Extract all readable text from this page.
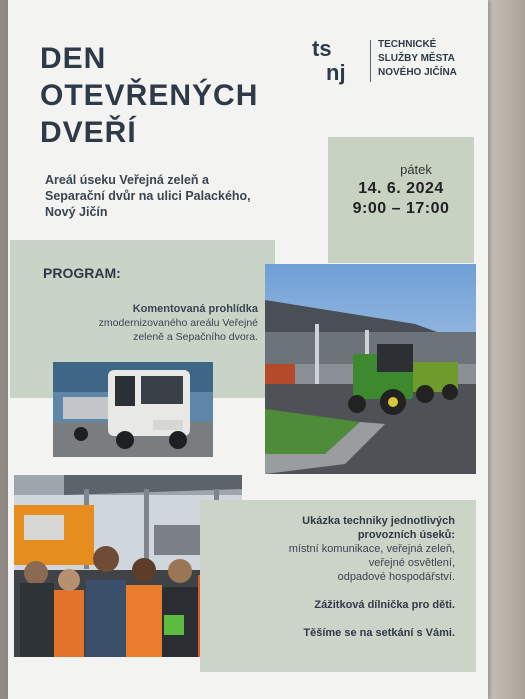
DEN
OTEVŘENÝCH
DVEŘÍ
Areál úseku Veřejná zeleň a
Separační dvůr na ulici Palackého,
Nový Jičín
ts
nj
TECHNICKÉ
SLUŽBY MĚSTA
NOVÉHO JIČÍNA
pátek
14. 6. 2024
9:00 – 17:00
PROGRAM:
Komentovaná prohlídka
zmodernizovaného areálu Veřejné
zeleně a Sepačního dvora.
Ukázka techniky jednotlivých
provozních úseků:
místní komunikace, veřejná zeleň,
veřejné osvětlení,
odpadové hospodářství.
Zážitková dílnička pro děti.
Těšíme se na setkání s Vámi.
